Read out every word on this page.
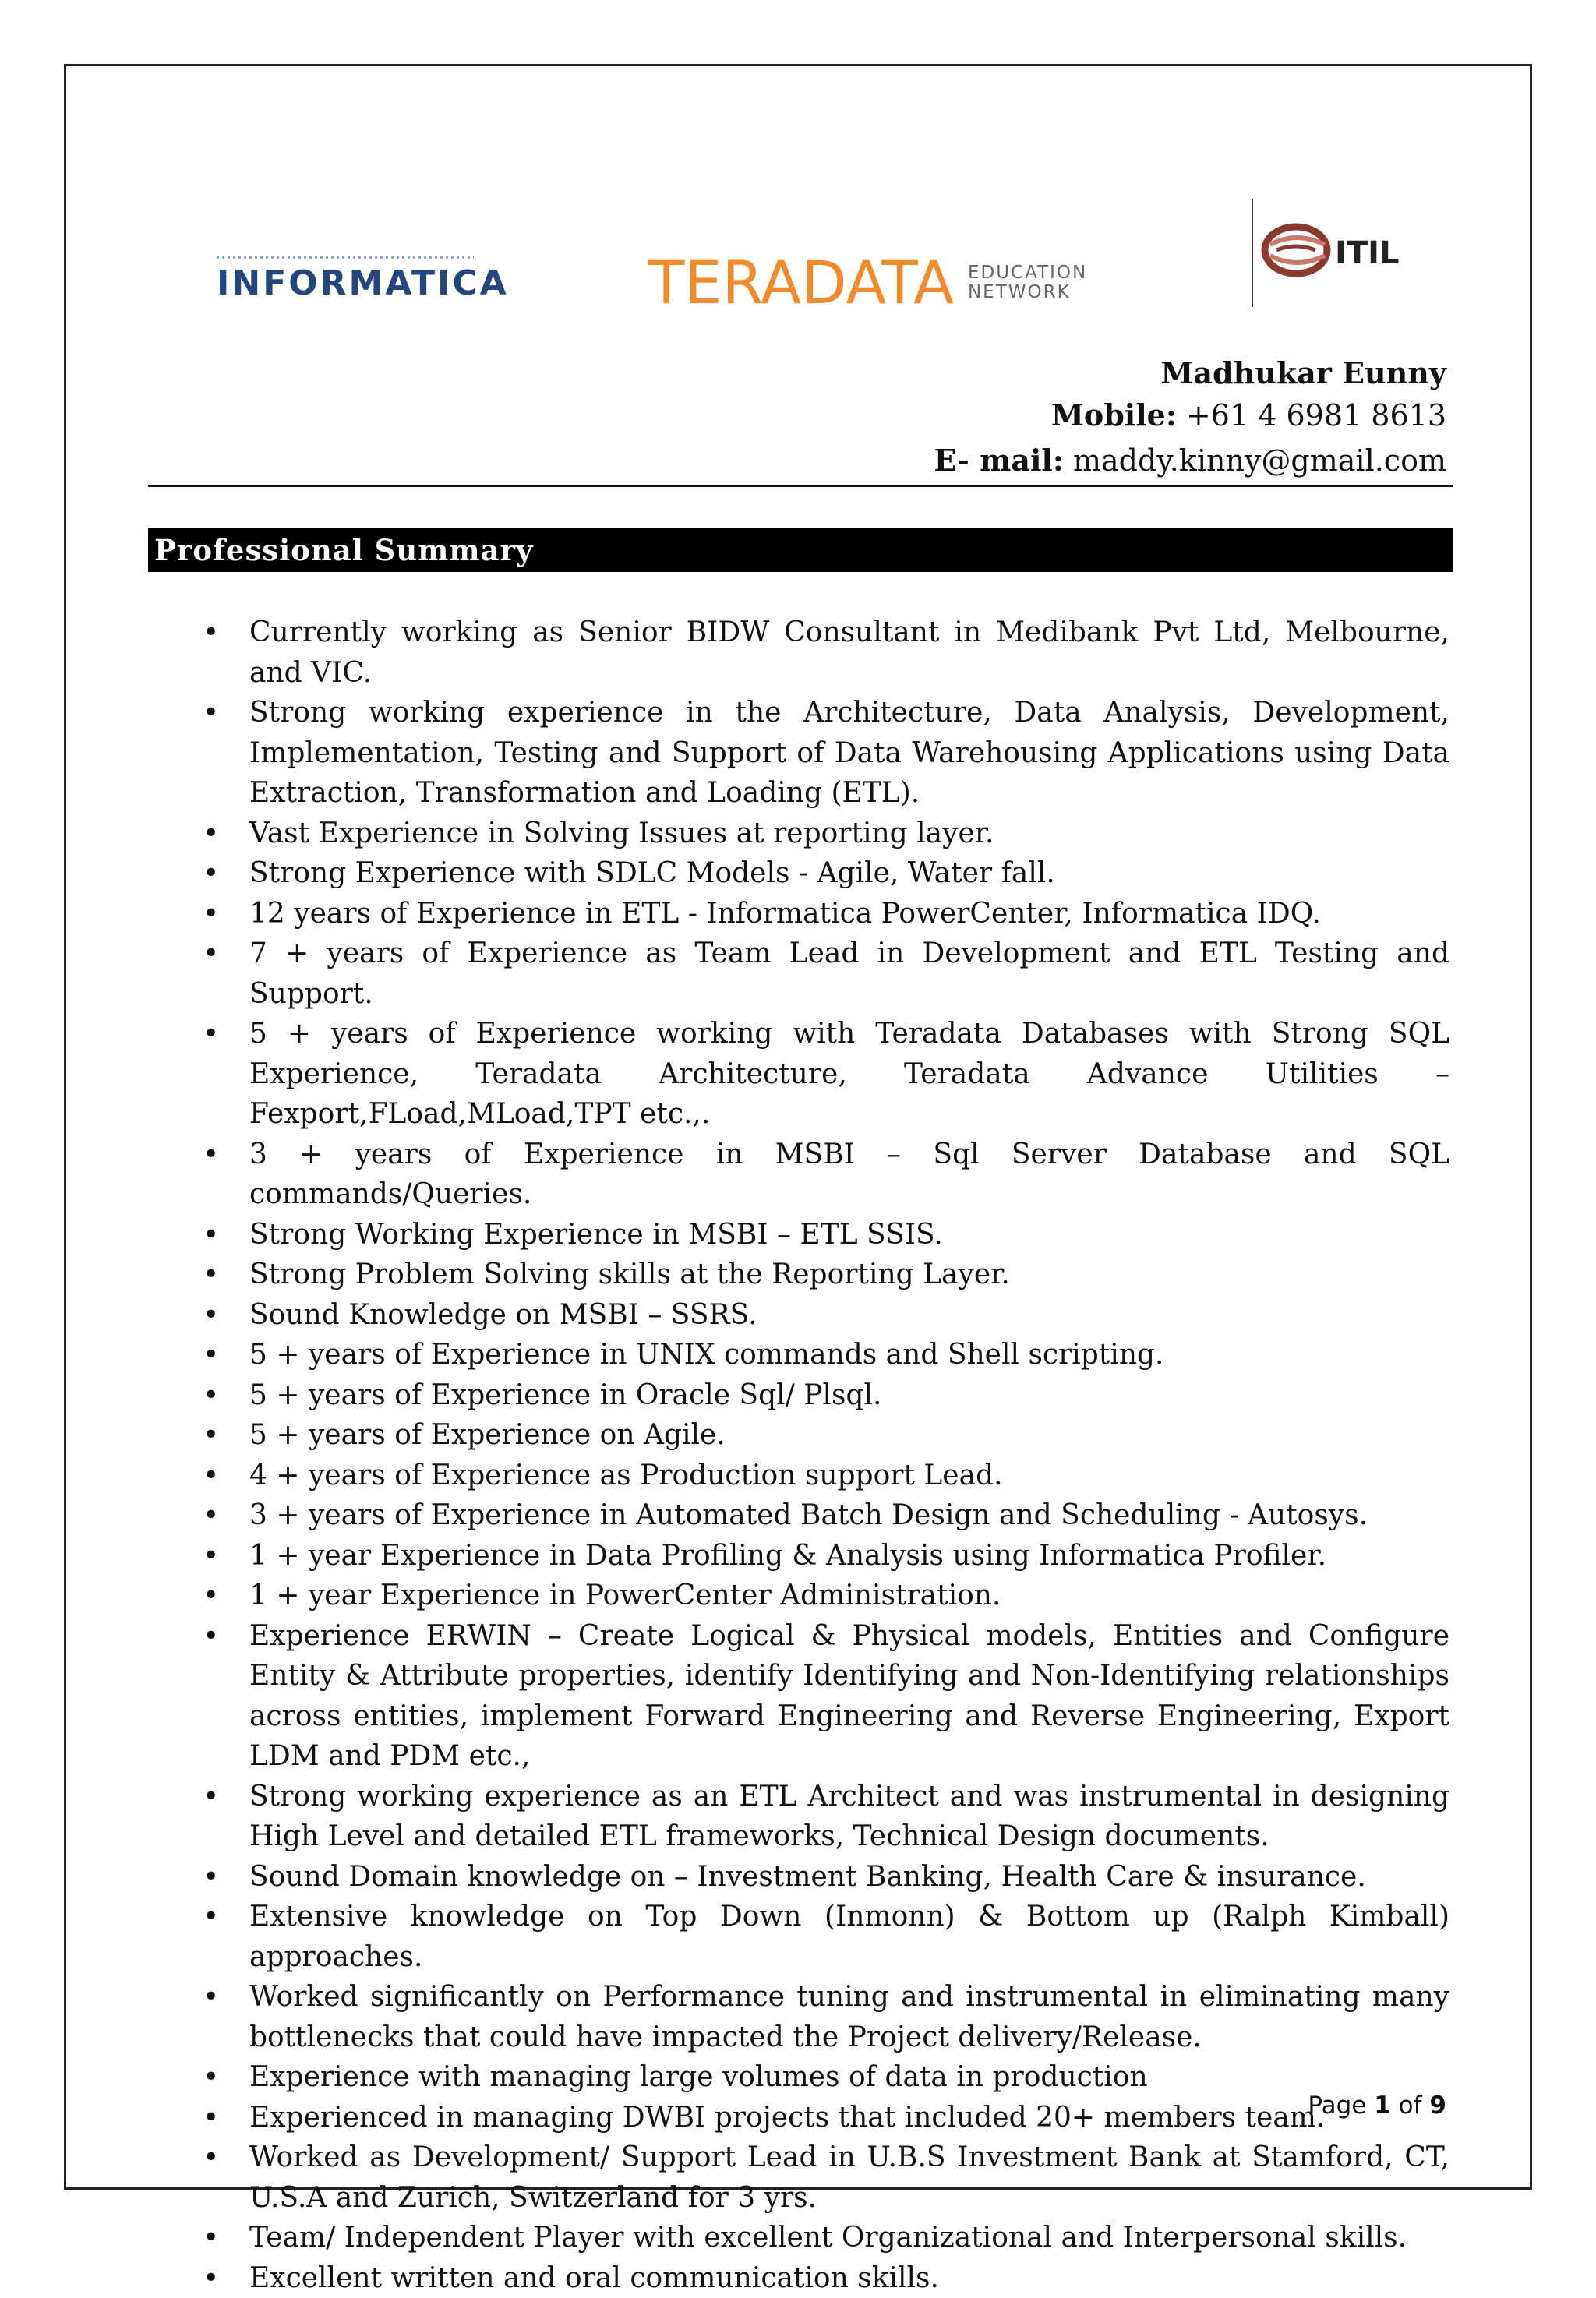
INFORMATICA TERADATA EDUCATION
NETWORK
ITIL
Madhukar Eunny
Mobile: +61 4 6981 8613
E- mail: maddy.kinny@gmail.com
Professional Summary
• Currently working as Senior BIDW Consultant in Medibank Pvt Ltd, Melbourne, and VIC.
• Strong working experience in the Architecture, Data Analysis, Development, Implementation, Testing and Support of Data Warehousing Applications using Data Extraction, Transformation and Loading (ETL).
• Vast Experience in Solving Issues at reporting layer.
• Strong Experience with SDLC Models - Agile, Water fall.
• 12 years of Experience in ETL - Informatica PowerCenter, Informatica IDQ.
• 7 + years of Experience as Team Lead in Development and ETL Testing and Support.
• 5 + years of Experience working with Teradata Databases with Strong SQL Experience, Teradata Architecture, Teradata Advance Utilities – Fexport,FLoad,MLoad,TPT etc.,.
• 3 + years of Experience in MSBI – Sql Server Database and SQL commands/Queries.
• Strong Working Experience in MSBI – ETL SSIS.
• Strong Problem Solving skills at the Reporting Layer.
• Sound Knowledge on MSBI – SSRS.
• 5 + years of Experience in UNIX commands and Shell scripting.
• 5 + years of Experience in Oracle Sql/ Plsql.
• 5 + years of Experience on Agile.
• 4 + years of Experience as Production support Lead.
• 3 + years of Experience in Automated Batch Design and Scheduling - Autosys.
• 1 + year Experience in Data Profiling & Analysis using Informatica Profiler.
• 1 + year Experience in PowerCenter Administration.
• Experience ERWIN – Create Logical & Physical models, Entities and Configure Entity & Attribute properties, identify Identifying and Non-Identifying relationships across entities, implement Forward Engineering and Reverse Engineering, Export LDM and PDM etc.,
• Strong working experience as an ETL Architect and was instrumental in designing High Level and detailed ETL frameworks, Technical Design documents.
• Sound Domain knowledge on – Investment Banking, Health Care & insurance.
• Extensive knowledge on Top Down (Inmonn) & Bottom up (Ralph Kimball) approaches.
• Worked significantly on Performance tuning and instrumental in eliminating many bottlenecks that could have impacted the Project delivery/Release.
• Experience with managing large volumes of data in production
• Experienced in managing DWBI projects that included 20+ members team.
• Worked as Development/ Support Lead in U.B.S Investment Bank at Stamford, CT, U.S.A and Zurich, Switzerland for 3 yrs.
• Team/ Independent Player with excellent Organizational and Interpersonal skills.
• Excellent written and oral communication skills.
Page 1 of 9
